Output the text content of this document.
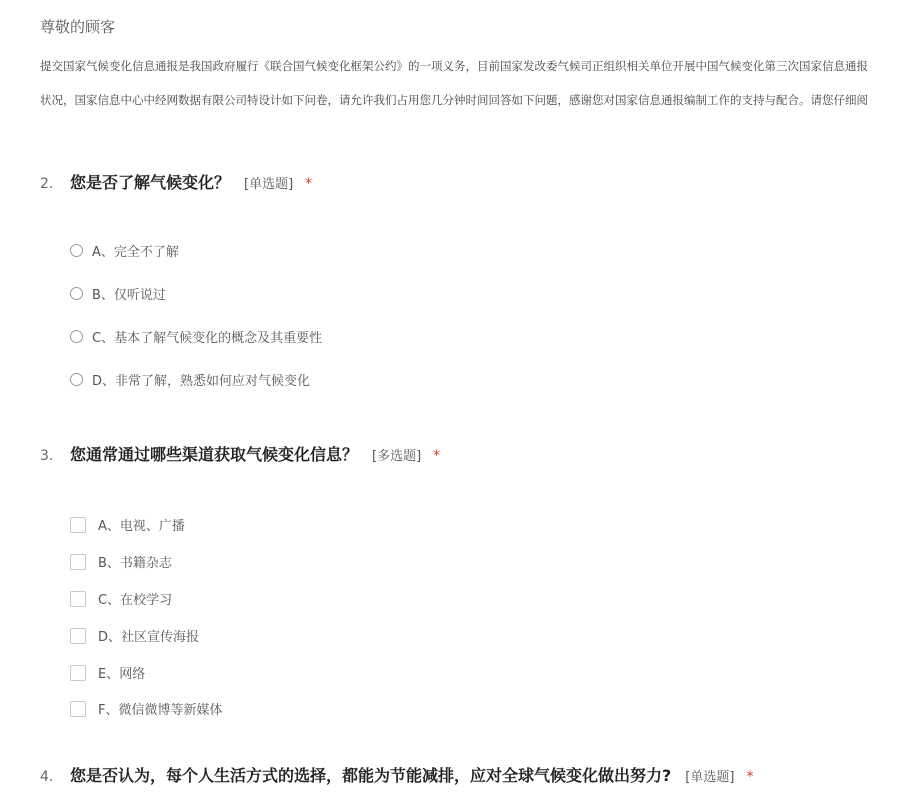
尊敬的顾客
提交国家气候变化信息通报是我国政府履行《联合国气候变化框架公约》的一项义务，目前国家发改委气候司正组织相关单位开展中国气候变化第三次国家信息通报
状况，国家信息中心中经网数据有限公司特设计如下问卷，请允许我们占用您几分钟时间回答如下问题，感谢您对国家信息通报编制工作的支持与配合。请您仔细阅
2.	您是否了解气候变化？ [单选题] *
A、完全不了解
B、仅听说过
C、基本了解气候变化的概念及其重要性
D、非常了解，熟悉如何应对气候变化
3.	您通常通过哪些渠道获取气候变化信息？ [多选题] *
A、电视、广播
B、书籍杂志
C、在校学习
D、社区宣传海报
E、网络
F、微信微博等新媒体
4.	您是否认为，每个人生活方式的选择，都能为节能减排，应对全球气候变化做出努力? [单选题] *
